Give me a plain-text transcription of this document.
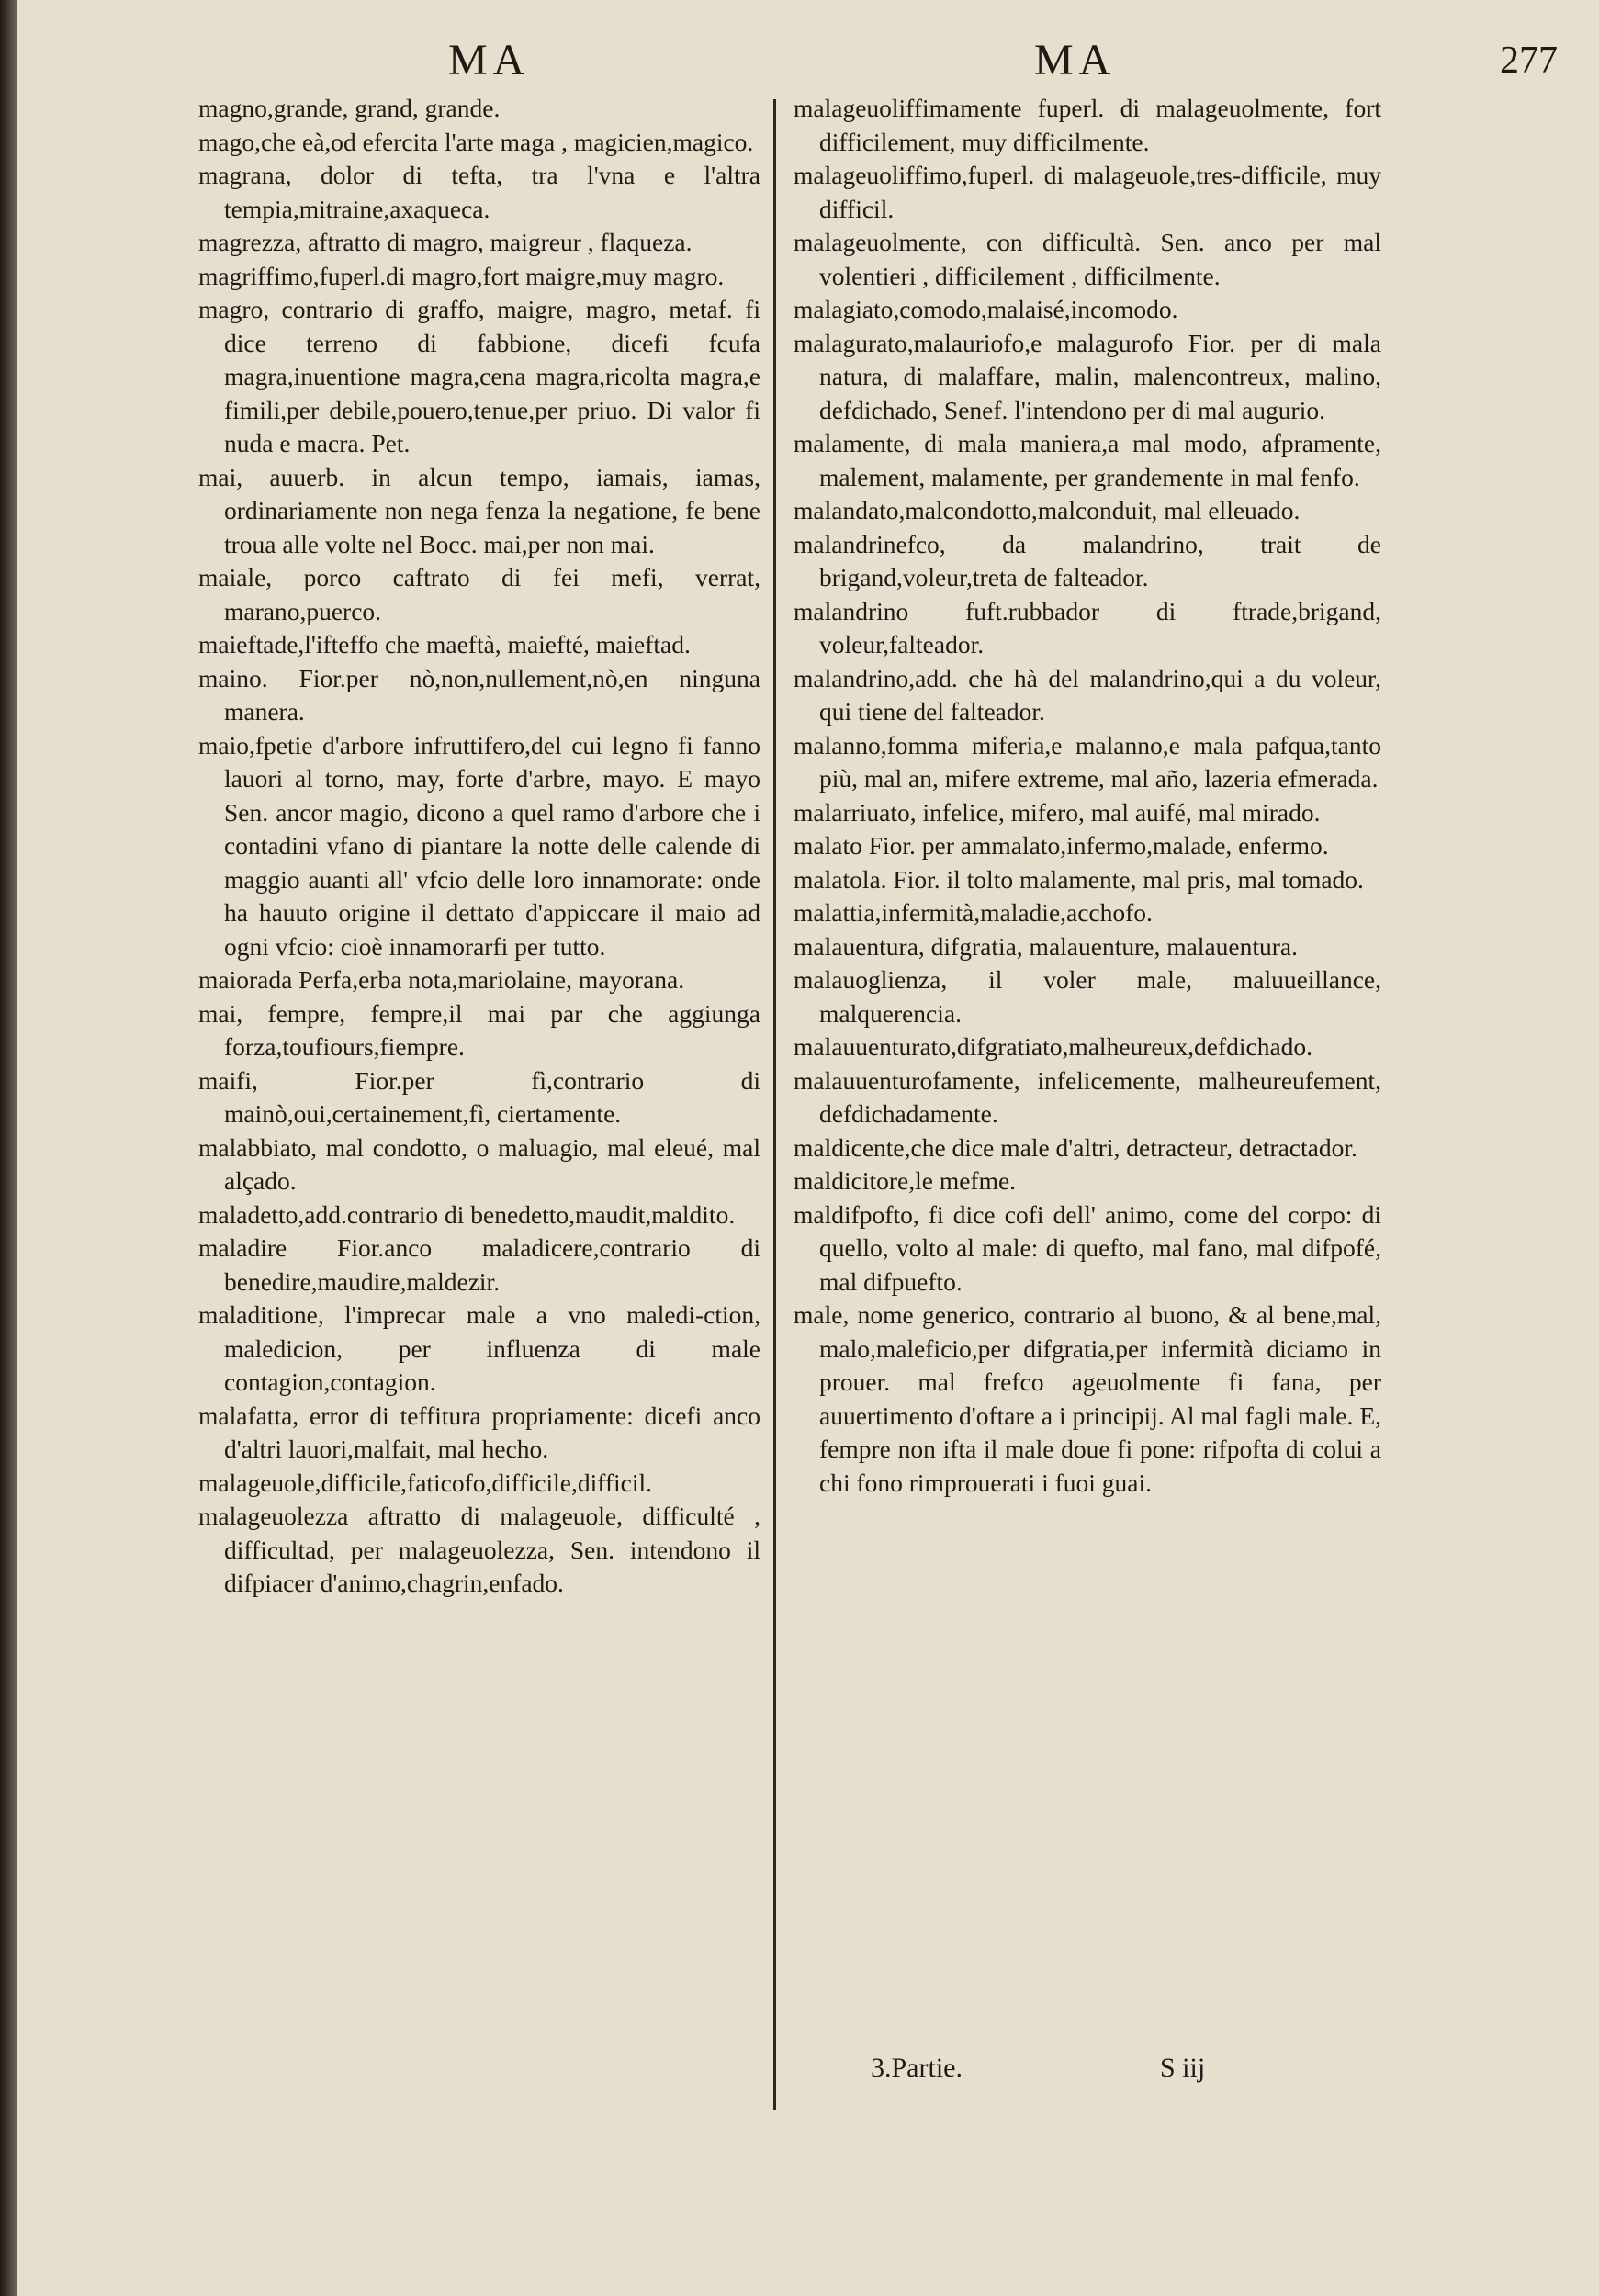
MA	MA	277
magno,grande, grand, grande.
mago,che eà,od efercita l'arte maga , magicien,magico.
magrana, dolor di tefta, tra l'vna e l'altra tempia,mitraine,axaqueca.
magrezza, aftratto di magro, maigreur , flaqueza.
magriffimo,fuperl.di magro,fort maigre,muy magro.
magro, contrario di graffo, maigre, magro, metaf. fi dice terreno di fabbione, dicefi fcufa magra,inuentione magra,cena magra,ricolta magra,e fimili,per debile,pouero,tenue,per priuo. Di valor fi nuda e macra. Pet.
mai, auuerb. in alcun tempo, iamais, iamas, ordinariamente non nega fenza la negatione, fe bene troua alle volte nel Bocc. mai,per non mai.
maiale, porco caftrato di fei mefi, verrat, marano,puerco.
maieftade,l'ifteffo che maeftà, maiefté, maieftad.
maino. Fior.per nò,non,nullement,nò,en ninguna manera.
maio,fpetie d'arbore infruttifero,del cui legno fi fanno lauori al torno, may, forte d'arbre, mayo. E mayo Sen. ancor magio, dicono a quel ramo d'arbore che i contadini vfano di piantare la notte delle calende di maggio auanti all' vfcio delle loro innamorate: onde ha hauuto origine il dettato d'appiccare il maio ad ogni vfcio: cioè innamorarfi per tutto.
maiorada Perfa,erba nota,mariolaine, mayorana.
mai, fempre, fempre,il mai par che aggiunga forza,toufiours,fiempre.
maifi, Fior.per fì,contrario di mainò,oui,certainement,fì, ciertamente.
malabbiato, mal condotto, o maluagio, mal eleué, mal alçado.
maladetto,add.contrario di benedetto,maudit,maldito.
maladire Fior.anco maladicere,contrario di benedire,maudire,maldezir.
maladitione, l'imprecar male a vno maledi-ction, maledicion, per influenza di male contagion,contagion.
malafatta, error di teffitura propriamente: dicefi anco d'altri lauori,malfait, mal hecho.
malageuole,difficile,faticofo,difficile,difficil.
malageuolezza aftratto di malageuole, difficulté , difficultad, per malageuolezza, Sen. intendono il difpiacer d'animo,chagrin,enfado.
malageuoliffimamente fuperl. di malageuolmente, fort difficilement, muy difficilmente.
malageuoliffimo,fuperl. di malageuole,tres-difficile, muy difficil.
malageuolmente, con difficultà. Sen. anco per mal volentieri , difficilement , difficilmente.
malagiato,comodo,malaisé,incomodo.
malagurato,malauriofo,e malagurofo Fior. per di mala natura, di malaffare, malin, malencontreux, malino, defdichado, Senef. l'intendono per di mal augurio.
malamente, di mala maniera,a mal modo, afpramente, malement, malamente, per grandemente in mal fenfo.
malandato,malcondotto,malconduit, mal elleuado.
malandrinefco, da malandrino, trait de brigand,voleur,treta de falteador.
malandrino fuft.rubbador di ftrade,brigand, voleur,falteador.
malandrino,add. che hà del malandrino,qui a du voleur, qui tiene del falteador.
malanno,fomma miferia,e malanno,e mala pafqua,tanto più, mal an, mifere extreme, mal año, lazeria efmerada.
malarriuato, infelice, mifero, mal auifé, mal mirado.
malato Fior. per ammalato,infermo,malade, enfermo.
malatola. Fior. il tolto malamente, mal pris, mal tomado.
malattia,infermità,maladie,acchofo.
malauentura, difgratia, malauenture, malauentura.
malauoglienza, il voler male, maluueillance, malquerencia.
malauuenturato,difgratiato,malheureux,defdichado.
malauuenturofamente, infelicemente, malheureufement, defdichadamente.
maldicente,che dice male d'altri, detracteur, detractador.
maldicitore,le mefme.
maldifpofto, fi dice cofi dell' animo, come del corpo: di quello, volto al male: di quefto, mal fano, mal difpofé, mal difpuefto.
male, nome generico, contrario al buono, & al bene,mal, malo,maleficio,per difgratia,per infermità diciamo in prouer. mal frefco ageuolmente fi fana, per auuertimento d'oftare a i principij. Al mal fagli male. E, fempre non ifta il male doue fi pone: rifpofta di colui a chi fono rimprouerati i fuoi guai.
3.Partie.	S iij
